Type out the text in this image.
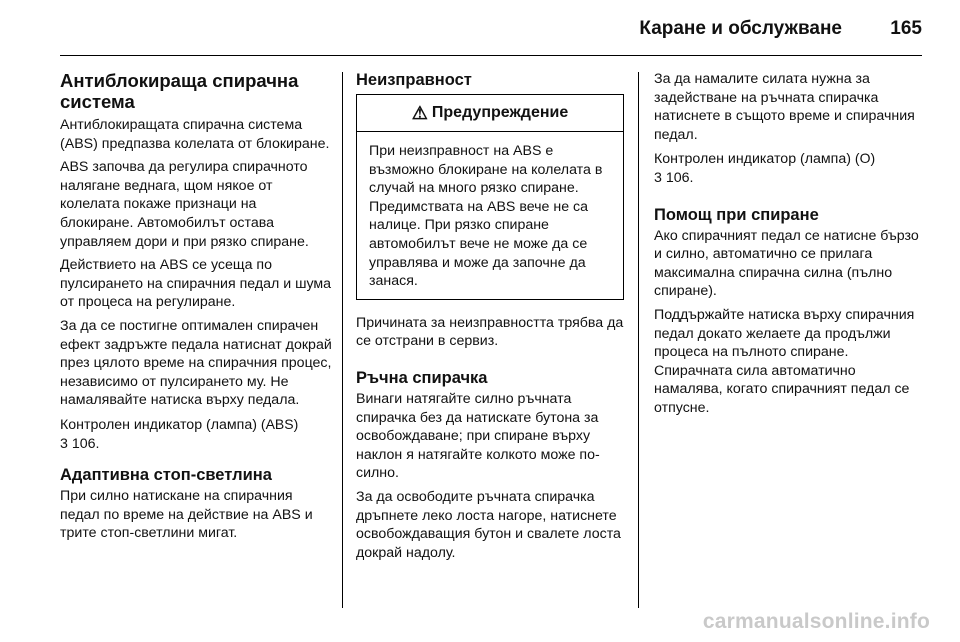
Каране и обслужване	165
Антиблокираща спирачна система

Антиблокиращата спирачна система (ABS) предпазва колелата от блокиране.

ABS започва да регулира спирачното налягане веднага, щом някое от колелата покаже признаци на блокиране. Автомобилът остава управляем дори и при рязко спиране.

Действието на ABS се усеща по пулсирането на спирачния педал и шума от процеса на регулиране.

За да се постигне оптимален спирачен ефект задръжте педала натиснат докрай през цялото време на спирачния процес, независимо от пулсирането му. Не намалявайте натиска върху педала.

Контролен индикатор (лампа) (ABS)
3 106.

Адаптивна стоп-светлина

При силно натискане на спирачния педал по време на действие на ABS и трите стоп-светлини мигат.

Неизправност
⚠ Предупреждение
При неизправност на ABS е възможно блокиране на колелата в случай на много рязко спиране. Предимствата на ABS вече не са налице. При рязко спиране автомобилът вече не може да се управлява и може да започне да занася.

Причината за неизправността трябва да се отстрани в сервиз.

Ръчна спирачка

Винаги натягайте силно ръчната спирачка без да натискате бутона за освобождаване; при спиране върху наклон я натягайте колкото може по-силно.

За да освободите ръчната спирачка дръпнете леко лоста нагоре, натиснете освобождаващия бутон и свалете лоста докрай надолу.

За да намалите силата нужна за задействане на ръчната спирачка натиснете в същото време и спирачния педал.

Контролен индикатор (лампа) (O)
3 106.

Помощ при спиране

Ако спирачният педал се натисне бързо и силно, автоматично се прилага максимална спирачна силна (пълно спиране).

Поддържайте натиска върху спирачния педал докато желаете да продължи процеса на пълното спиране. Спирачната сила автоматично намалява, когато спирачният педал се отпусне.

carmanualsonline.info
